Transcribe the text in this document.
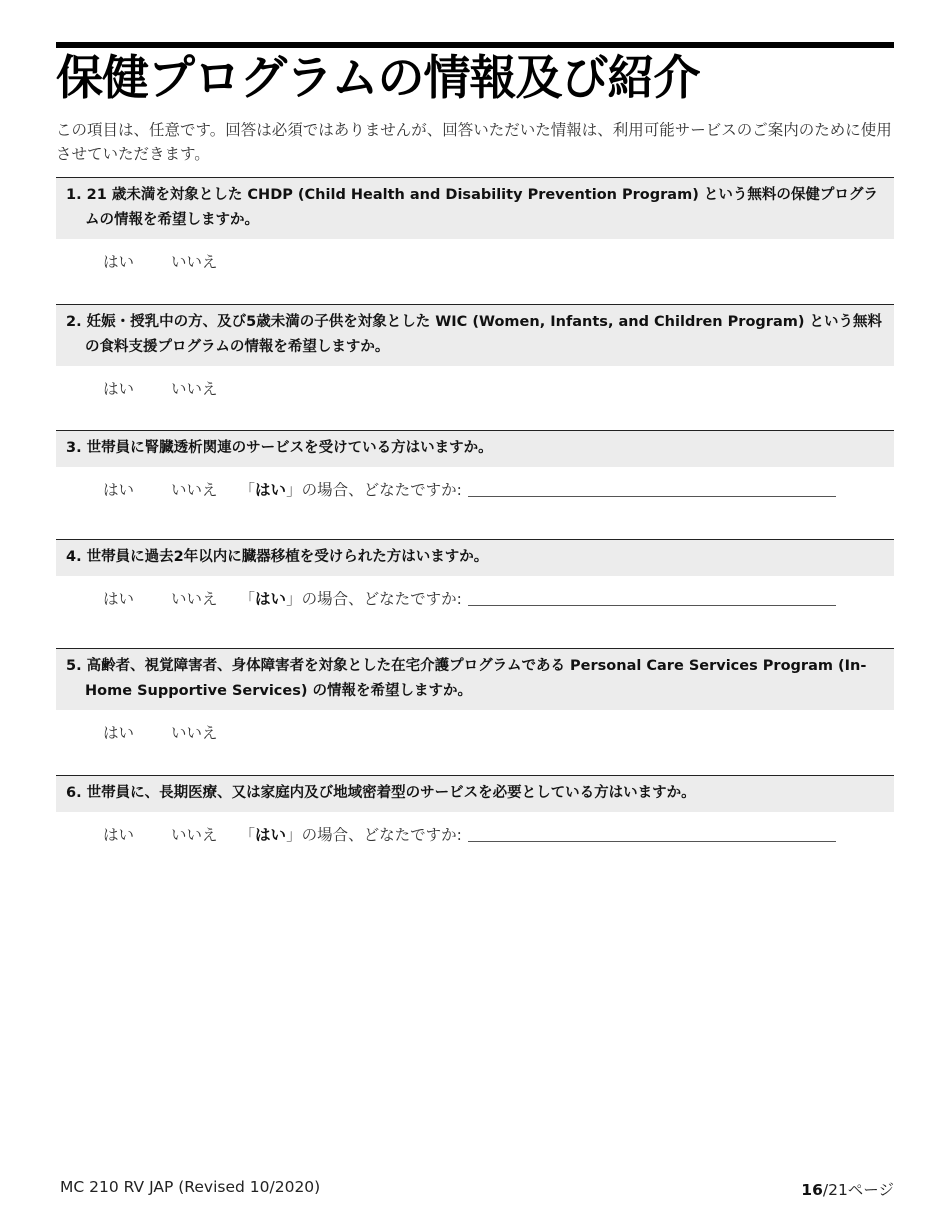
保健プログラムの情報及び紹介
この項目は、任意です。回答は必須ではありませんが、回答いただいた情報は、利用可能サービスのご案内のために使用させていただきます。
1. 21 歳未満を対象とした CHDP (Child Health and Disability Prevention Program) という無料の保健プログラムの情報を希望しますか。
はい いいえ
2. 妊娠・授乳中の方、及び5歳未満の子供を対象とした WIC (Women, Infants, and Children Program) という無料の食料支援プログラムの情報を希望しますか。
はい いいえ
3. 世帯員に腎臓透析関連のサービスを受けている方はいますか。
はい いいえ 「 はい 」の場合、どなたですか:
4. 世帯員に過去2年以内に臓器移植を受けられた方はいますか。
はい いいえ 「 はい 」の場合、どなたですか:
5. 高齢者、視覚障害者、身体障害者を対象とした在宅介護プログラムである Personal Care Services Program (In-Home Supportive Services) の情報を希望しますか。
はい いいえ
6. 世帯員に、長期医療、又は家庭内及び地域密着型のサービスを必要としている方はいますか。
はい いいえ 「 はい 」の場合、どなたですか:
MC 210 RV JAP (Revised 10/2020)	16/21ページ
